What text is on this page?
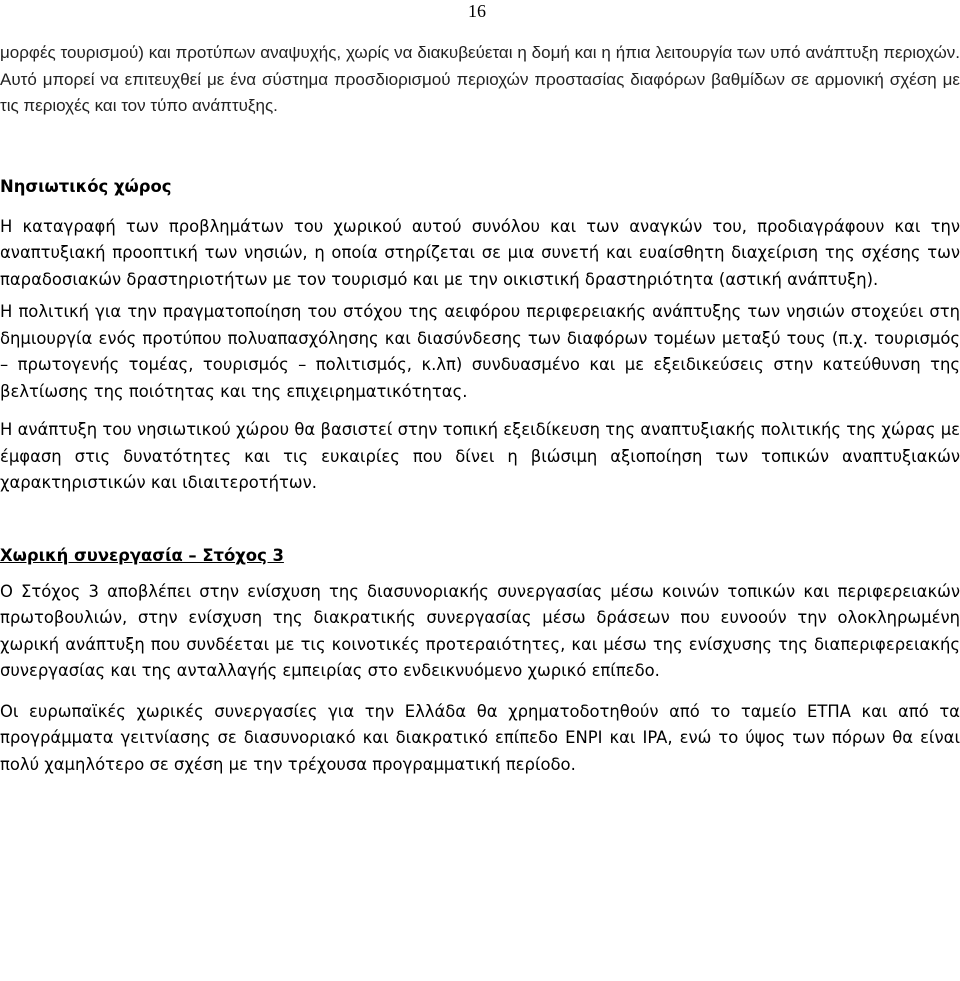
16

μορφές τουρισμού) και προτύπων αναψυχής, χωρίς να διακυβεύεται η δομή και η ήπια λειτουργία των υπό ανάπτυξη περιοχών. Αυτό μπορεί να επιτευχθεί με ένα σύστημα προσδιορισμού περιοχών προστασίας διαφόρων βαθμίδων σε αρμονική σχέση με τις περιοχές και τον τύπο ανάπτυξης.

Νησιωτικός χώρος

Η καταγραφή των προβλημάτων του χωρικού αυτού συνόλου και των αναγκών του, προδιαγράφουν και την αναπτυξιακή προοπτική των νησιών, η οποία στηρίζεται σε μια συνετή και ευαίσθητη διαχείριση της σχέσης των παραδοσιακών δραστηριοτήτων με τον τουρισμό και με την οικιστική δραστηριότητα (αστική ανάπτυξη).

Η πολιτική για την πραγματοποίηση του στόχου της αειφόρου περιφερειακής ανάπτυξης των νησιών στοχεύει στη δημιουργία ενός προτύπου πολυαπασχόλησης και διασύνδεσης των διαφόρων τομέων μεταξύ τους (π.χ. τουρισμός – πρωτογενής τομέας, τουρισμός – πολιτισμός, κ.λπ) συνδυασμένο και με εξειδικεύσεις στην κατεύθυνση της βελτίωσης της ποιότητας και της επιχειρηματικότητας.

Η ανάπτυξη του νησιωτικού χώρου θα βασιστεί στην τοπική εξειδίκευση της αναπτυξιακής πολιτικής της χώρας με έμφαση στις δυνατότητες και τις ευκαιρίες που δίνει η βιώσιμη αξιοποίηση των τοπικών αναπτυξιακών χαρακτηριστικών και ιδιαιτεροτήτων.

Χωρική συνεργασία – Στόχος 3

Ο Στόχος 3 αποβλέπει στην ενίσχυση της διασυνοριακής συνεργασίας μέσω κοινών τοπικών και περιφερειακών πρωτοβουλιών, στην ενίσχυση της διακρατικής συνεργασίας μέσω δράσεων που ευνοούν την ολοκληρωμένη χωρική ανάπτυξη που συνδέεται με τις κοινοτικές προτεραιότητες, και μέσω της ενίσχυσης της διαπεριφερειακής συνεργασίας και της ανταλλαγής εμπειρίας στο ενδεικνυόμενο χωρικό επίπεδο.

Οι ευρωπαϊκές χωρικές συνεργασίες για την Ελλάδα θα χρηματοδοτηθούν από το ταμείο ΕΤΠΑ και από τα προγράμματα γειτνίασης σε διασυνοριακό και διακρατικό επίπεδο ENPI και IPA, ενώ το ύψος των πόρων θα είναι πολύ χαμηλότερο σε σχέση με την τρέχουσα προγραμματική περίοδο.
